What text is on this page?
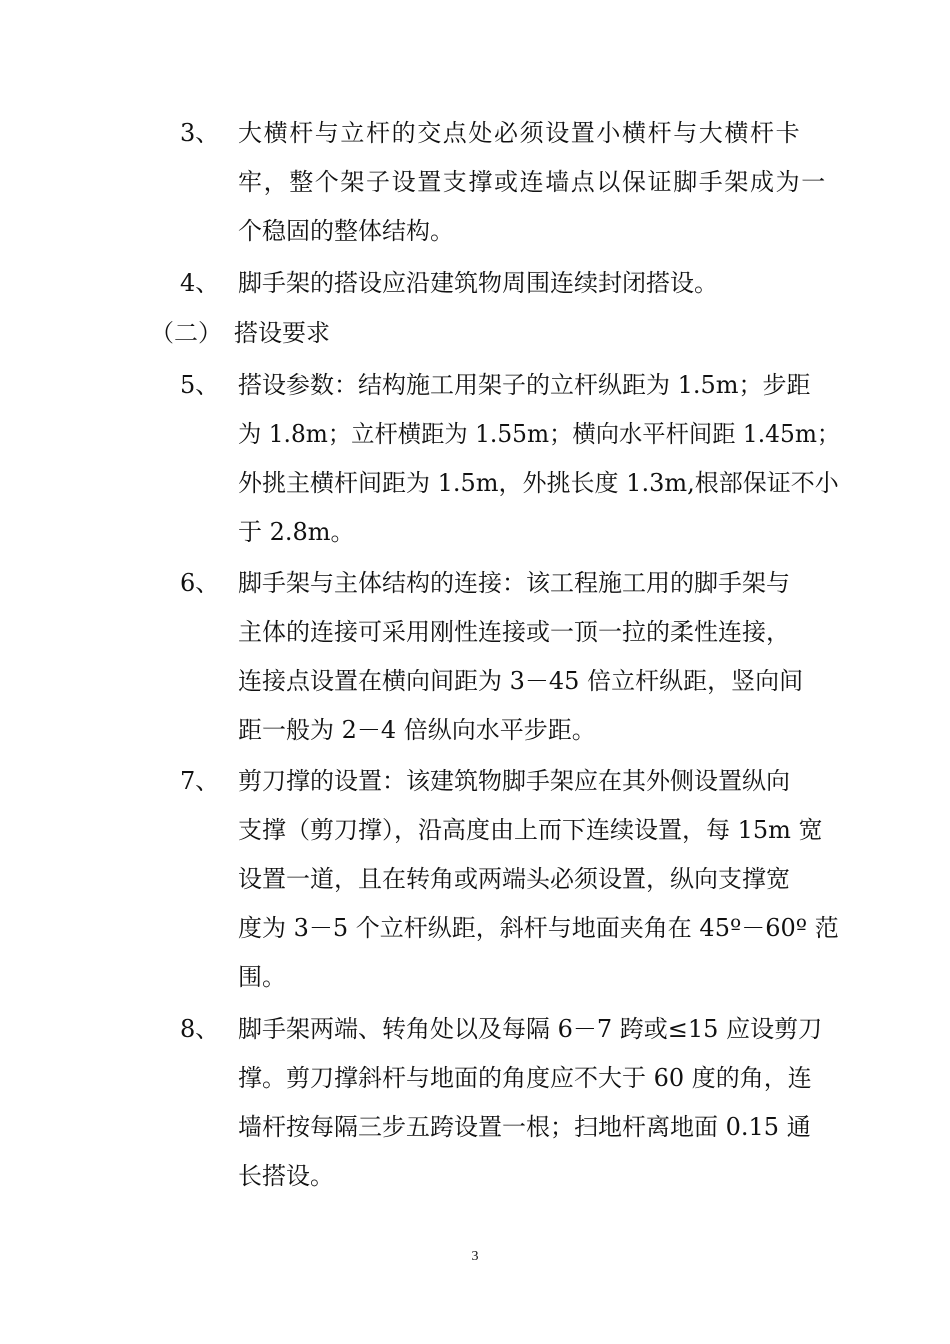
3、 大横杆与立杆的交点处必须设置小横杆与大横杆卡
牢，整个架子设置支撑或连墙点以保证脚手架成为一
个稳固的整体结构。
4、 脚手架的搭设应沿建筑物周围连续封闭搭设。
（二） 搭设要求
5、 搭设参数：结构施工用架子的立杆纵距为 1.5m；步距
为 1.8m；立杆横距为 1.55m；横向水平杆间距 1.45m；
外挑主横杆间距为 1.5m，外挑长度 1.3m,根部保证不小
于 2.8m。
6、 脚手架与主体结构的连接：该工程施工用的脚手架与
主体的连接可采用刚性连接或一顶一拉的柔性连接，
连接点设置在横向间距为 3－45 倍立杆纵距，竖向间
距一般为 2－4 倍纵向水平步距。
7、 剪刀撑的设置：该建筑物脚手架应在其外侧设置纵向
支撑（剪刀撑），沿高度由上而下连续设置，每 15m 宽
设置一道，且在转角或两端头必须设置，纵向支撑宽
度为 3－5 个立杆纵距，斜杆与地面夹角在 45º－60º 范
围。
8、 脚手架两端、转角处以及每隔 6－7 跨或≤15 应设剪刀
撑。剪刀撑斜杆与地面的角度应不大于 60 度的角，连
墙杆按每隔三步五跨设置一根；扫地杆离地面 0.15 通
长搭设。
3
